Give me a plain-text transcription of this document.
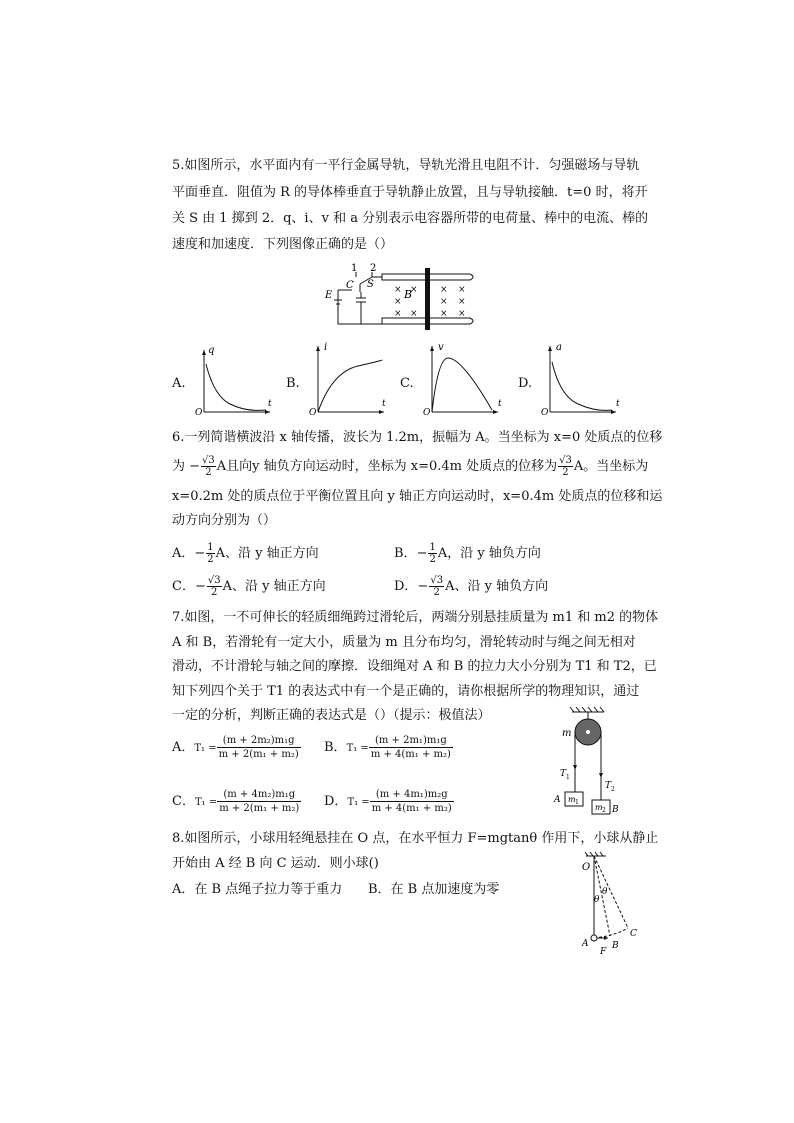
5.如图所示，水平面内有一平行金属导轨，导轨光滑且电阻不计．匀强磁场与导轨
平面垂直．阻值为 R 的导体棒垂直于导轨静止放置，且与导轨接触．t=0 时，将开
关 S 由 1 掷到 2．q、i、v 和 a 分别表示电容器所带的电荷量、棒中的电流、棒的
速度和加速度．下列图像正确的是（）
× × × ×
×	× ×
× × × ×
B
1 2
S
E
C
A.
q
t
O
B.
i
t
O
C.
v
t
O
D.
a
t
O
6.一列简谐横波沿 x 轴传播，波长为 1.2m，振幅为 A。当坐标为 x=0 处质点的位移
为 − $\frac{√3}{2}$ A且向y 轴负方向运动时，坐标为 x=0.4m 处质点的位移为 $\frac{√3}{2}$ A。当坐标为
x=0.2m 处的质点位于平衡位置且向 y 轴正方向运动时，x=0.4m 处质点的位移和运
动方向分别为（）
A．− $\frac{1}{2}$ A、沿 y 轴正方向	B．− $\frac{1}{2}$ A，沿 y 轴负方向
C．− $\frac{√3}{2}$ A、沿 y 轴正方向	D．− $\frac{√3}{2}$ A、沿 y 轴负方向
7.如图，一不可伸长的轻质细绳跨过滑轮后，两端分别悬挂质量为 m1 和 m2 的物体
A 和 B，若滑轮有一定大小，质量为 m 且分布均匀，滑轮转动时与绳之间无相对
滑动，不计滑轮与轴之间的摩擦．设细绳对 A 和 B 的拉力大小分别为 T1 和 T2，已
知下列四个关于 T1 的表达式中有一个是正确的，请你根据所学的物理知识，通过
一定的分析，判断正确的表达式是（）（提示：极值法）
A．$T_1 = \frac{\text{(m + 2m₂)m₁g}}{\text{m + 2(m₁ + m₂)}}$ B．$T_1 = \frac{\text{(m + 2m₁)m₁g}}{\text{m + 4(m₁ + m₂)}}$
C．$T_1 = \frac{\text{(m + 4m₂)m₁g}}{\text{m + 2(m₁ + m₂)}}$ D．$T_1 = \frac{\text{(m + 4m₁)m₂g}}{\text{m + 4(m₁ + m₂)}}$
m
T 1
T 2
A
B
m 1
m 2
8.如图所示，小球用轻绳悬挂在 O 点，在水平恒力 F=mgtanθ 作用下，小球从静止
开始由 A 经 B 向 C 运动．则小球()
A．在 B 点绳子拉力等于重力 B．在 B 点加速度为零
O
θ
θ
A	B
C
F
